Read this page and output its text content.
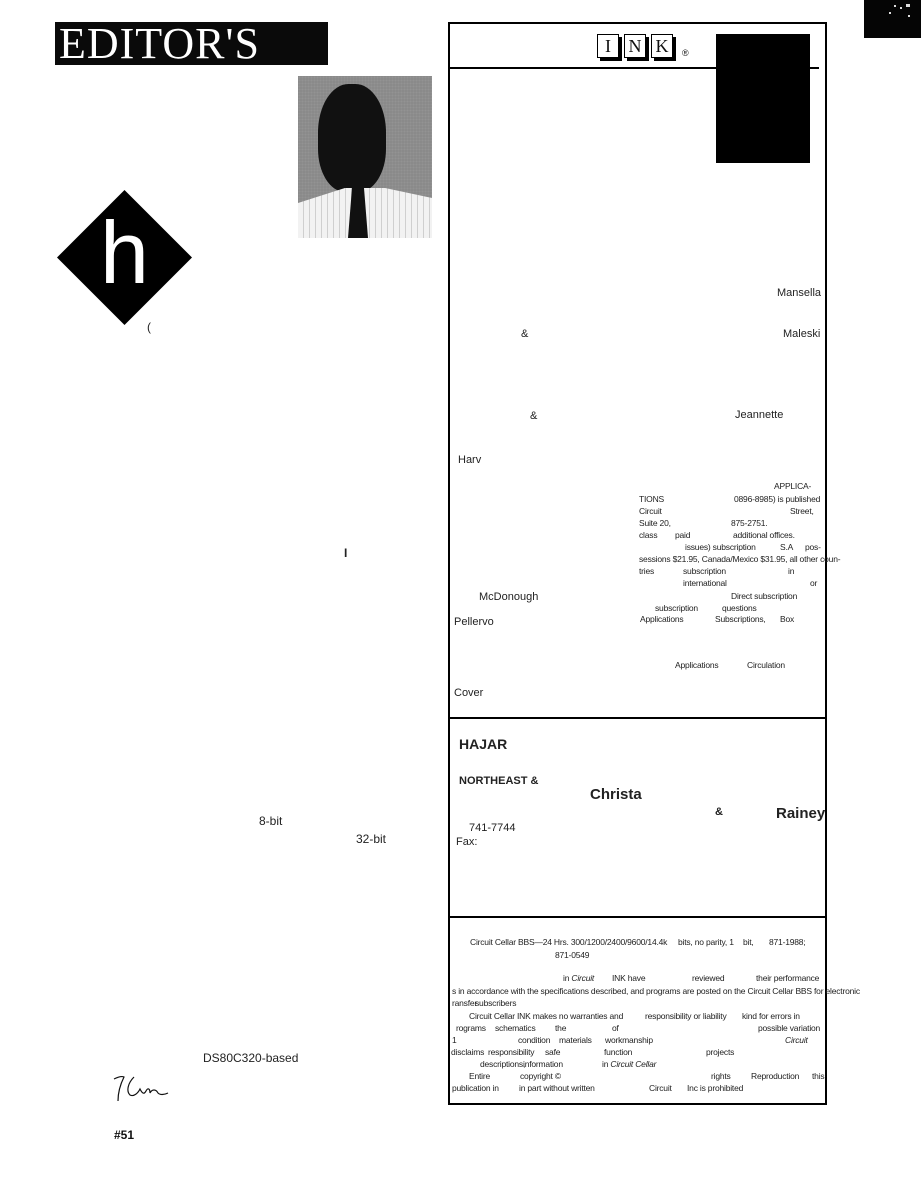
EDITOR'S
h
(
I
8-bit
32-bit
DS80C320-based
#51
I N K	®
Mansella
&	Maleski
&	Jeannette
Harv
McDonough
Pellervo
Cover
APPLICA-
TIONS	0896-8985) is published
Circuit	Street,
Suite 20,	875-2751.
class paid	additional offices.
issues) subscription	S.A pos-
sessions $21.95, Canada/Mexico $31.95, all other coun-
tries	subscription	in
international	or
Direct subscription
subscription	questions
Applications	Subscriptions, Box
Applications	Circulation
HAJAR
NORTHEAST &
Christa
&	Rainey
741-7744
Fax:
Circuit Cellar BBS—24 Hrs. 300/1200/2400/9600/14.4k bits, no parity, 1 bit, 871-1988;
871-0549
in Circuit INK have	reviewed	their performance
s in accordance with the specifications described, and programs are posted on the Circuit Cellar BBS for electronic
ransfer
subscribers
Circuit Cellar INK makes no warranties and	responsibility or liability kind for errors in
rograms schematics the	of	possible variation
1	condition materials workmanship	Circuit
disclaims responsibility safe	function	projects
descriptions,
information	in Circuit Cellar
Entire	copyright ©	rights Reproduction this
publication in in part without written	Circuit Inc is prohibited
